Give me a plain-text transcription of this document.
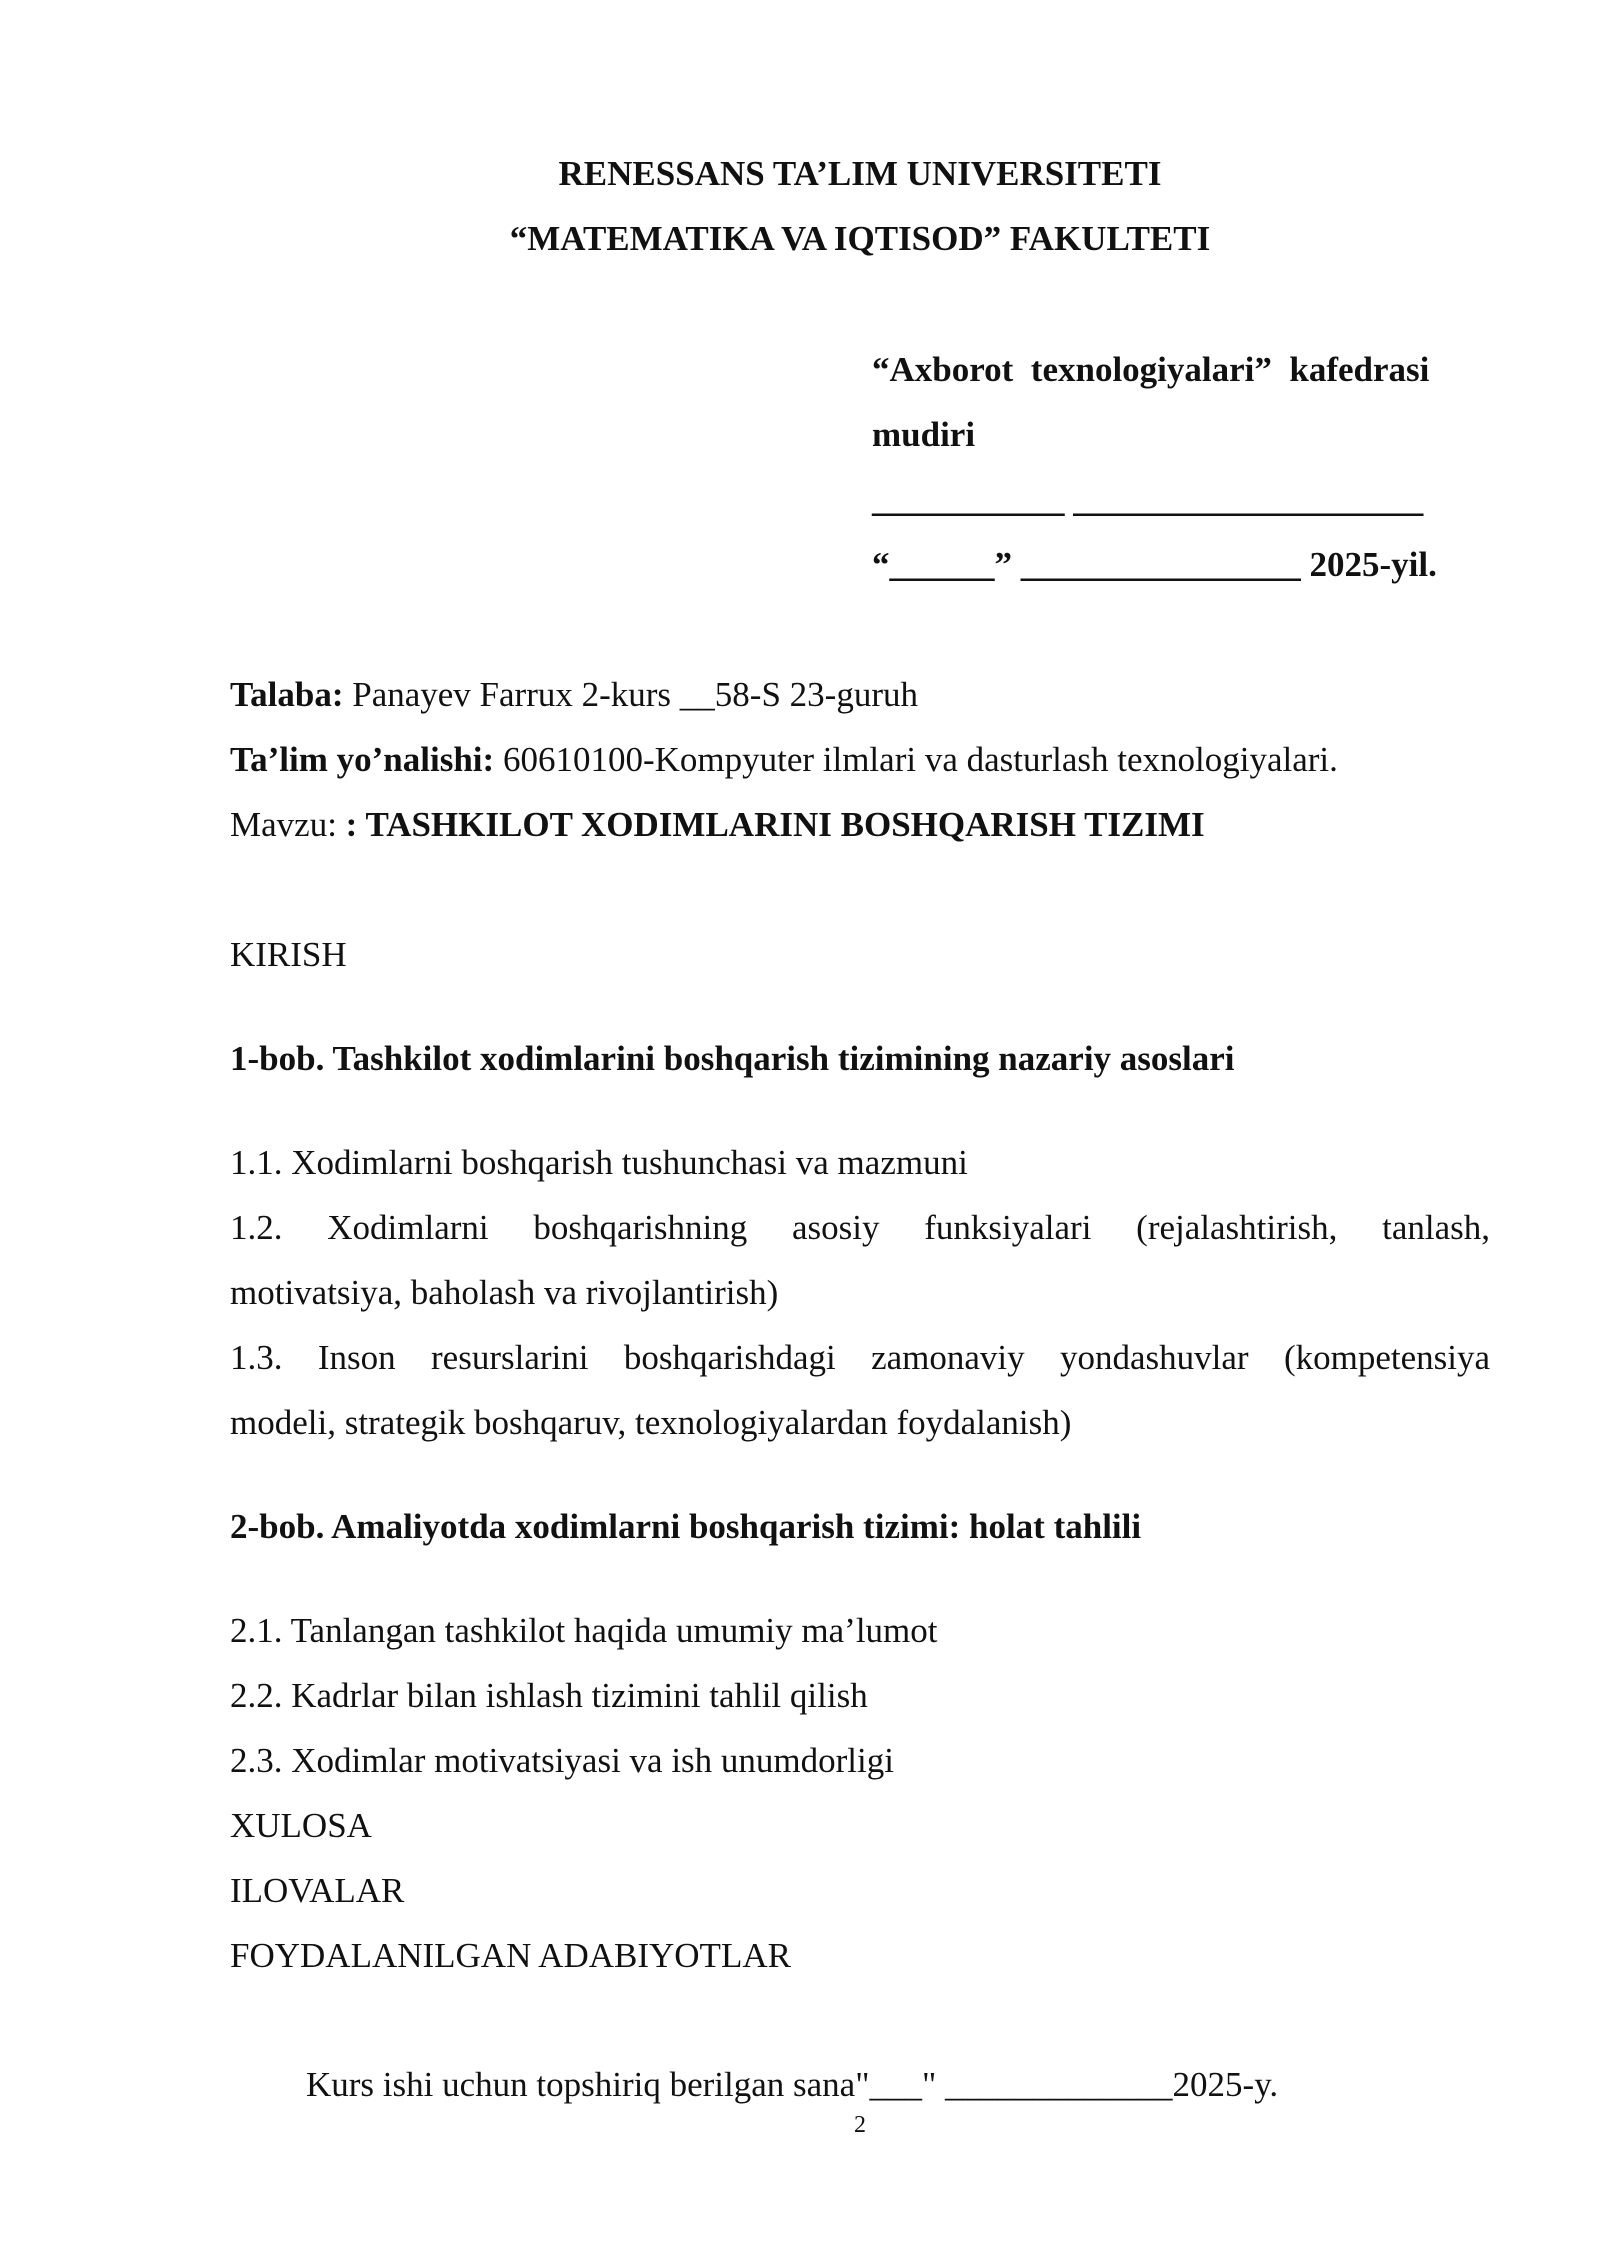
RENESSANS TA’LIM UNIVERSITETI
“MATEMATIKA VA IQTISOD” FAKULTETI
“Axborot  texnologiyalari”  kafedrasi
mudiri
___________ ____________________
“______” ________________ 2025-yil.
Talaba: Panayev Farrux 2-kurs __58-S 23-guruh
Ta’lim yo’nalishi: 60610100-Kompyuter ilmlari va dasturlash texnologiyalari.
Mavzu: : TASHKILOT XODIMLARINI BOSHQARISH TIZIMI
KIRISH
1-bob. Tashkilot xodimlarini boshqarish tizimining nazariy asoslari
1.1. Xodimlarni boshqarish tushunchasi va mazmuni
1.2. Xodimlarni boshqarishning asosiy funksiyalari (rejalashtirish, tanlash,
motivatsiya, baholash va rivojlantirish)
1.3. Inson resurslarini boshqarishdagi zamonaviy yondashuvlar (kompetensiya
modeli, strategik boshqaruv, texnologiyalardan foydalanish)
2-bob. Amaliyotda xodimlarni boshqarish tizimi: holat tahlili
2.1. Tanlangan tashkilot haqida umumiy ma’lumot
2.2. Kadrlar bilan ishlash tizimini tahlil qilish
2.3. Xodimlar motivatsiyasi va ish unumdorligi
XULOSA
ILOVALAR
FOYDALANILGAN ADABIYOTLAR
Kurs ishi uchun topshiriq berilgan sana"___" _____________2025-y.
2
